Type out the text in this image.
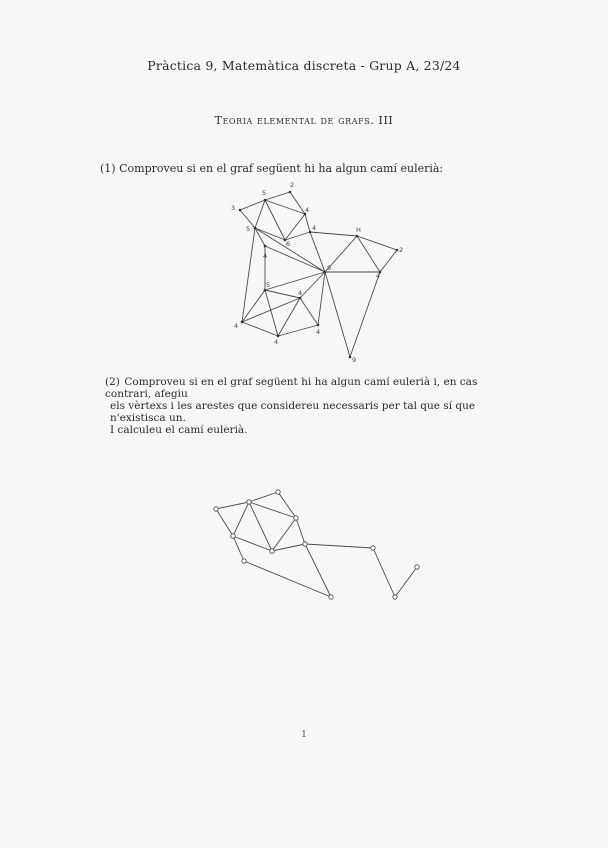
Pràctica 9, Matemàtica discreta - Grup A, 23/24
Teoria elemental de grafs. III
(1) Comproveu si en el graf següent hi ha algun camí eulerià:
3
5
2
4
5
6
4	H
2
4
8
4
5
4
4
4
4
9
(2) Comproveu si en el graf següent hi ha algun camí eulerià i, en cas contrari, afegiu
els vèrtexs i les arestes que considereu necessaris per tal que sí que n'existisca un.
I calculeu el camí eulerià.
1
